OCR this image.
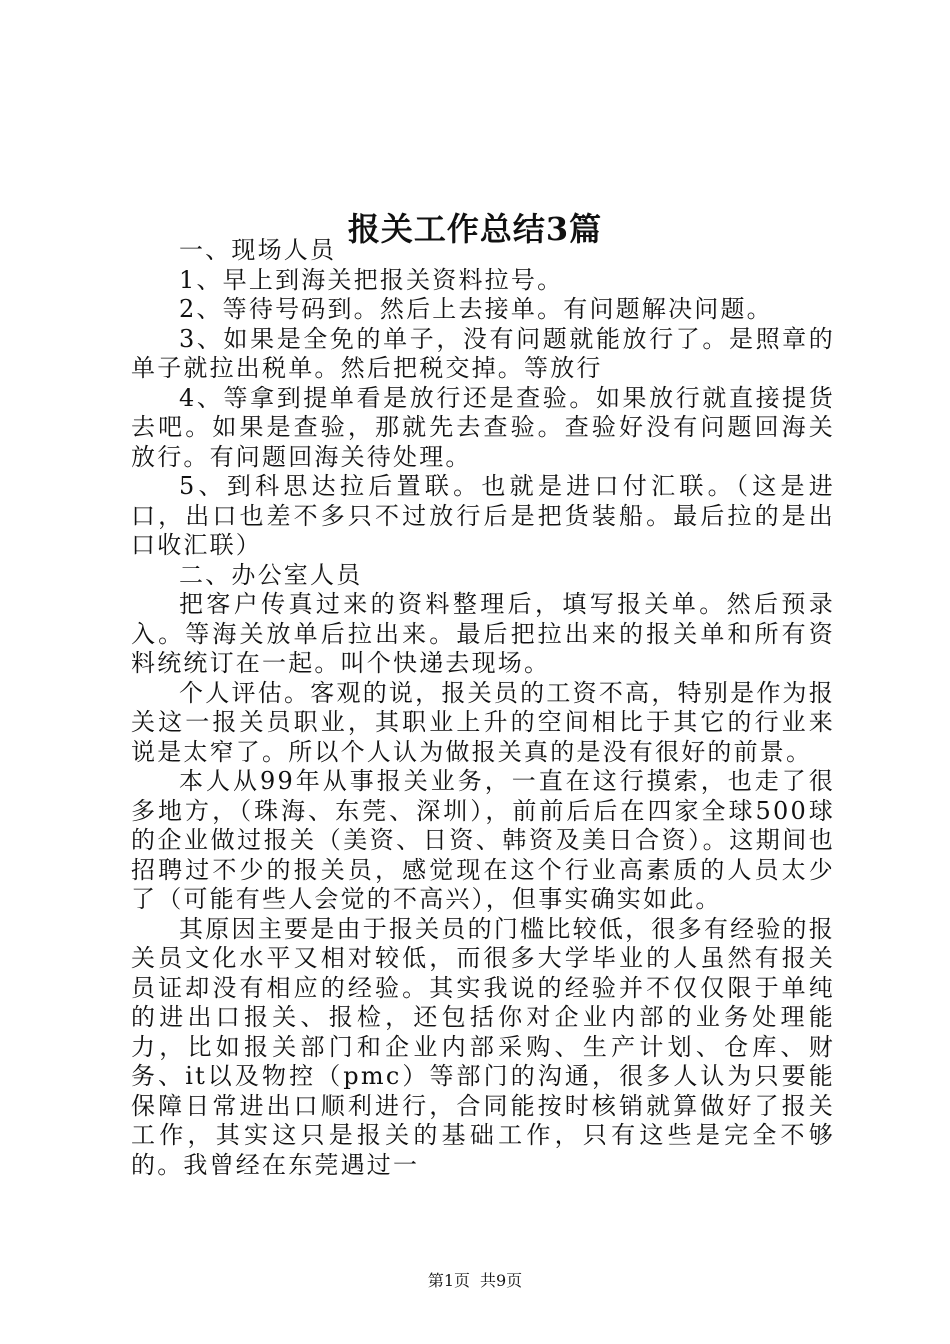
报关工作总结3篇

一、现场人员

1、早上到海关把报关资料拉号。

2、等待号码到。然后上去接单。有问题解决问题。

3、如果是全免的单子，没有问题就能放行了。是照章的单子就拉出税单。然后把税交掉。等放行

4、等拿到提单看是放行还是查验。如果放行就直接提货去吧。如果是查验，那就先去查验。查验好没有问题回海关放行。有问题回海关待处理。

5、到科思达拉后置联。也就是进口付汇联。（这是进口，出口也差不多只不过放行后是把货装船。最后拉的是出口收汇联）

二、办公室人员

把客户传真过来的资料整理后，填写报关单。然后预录入。等海关放单后拉出来。最后把拉出来的报关单和所有资料统统订在一起。叫个快递去现场。

个人评估。客观的说，报关员的工资不高，特别是作为报关这一报关员职业，其职业上升的空间相比于其它的行业来说是太窄了。所以个人认为做报关真的是没有很好的前景。

本人从99年从事报关业务，一直在这行摸索，也走了很多地方，（珠海、东莞、深圳），前前后后在四家全球500球的企业做过报关（美资、日资、韩资及美日合资）。这期间也招聘过不少的报关员，感觉现在这个行业高素质的人员太少了（可能有些人会觉的不高兴），但事实确实如此。

其原因主要是由于报关员的门槛比较低，很多有经验的报关员文化水平又相对较低，而很多大学毕业的人虽然有报关员证却没有相应的经验。其实我说的经验并不仅仅限于单纯的进出口报关、报检，还包括你对企业内部的业务处理能力，比如报关部门和企业内部采购、生产计划、仓库、财务、it以及物控（pmc）等部门的沟通，很多人认为只要能保障日常进出口顺利进行，合同能按时核销就算做好了报关工作，其实这只是报关的基础工作，只有这些是完全不够的。我曾经在东莞遇过一

第1页 共9页
